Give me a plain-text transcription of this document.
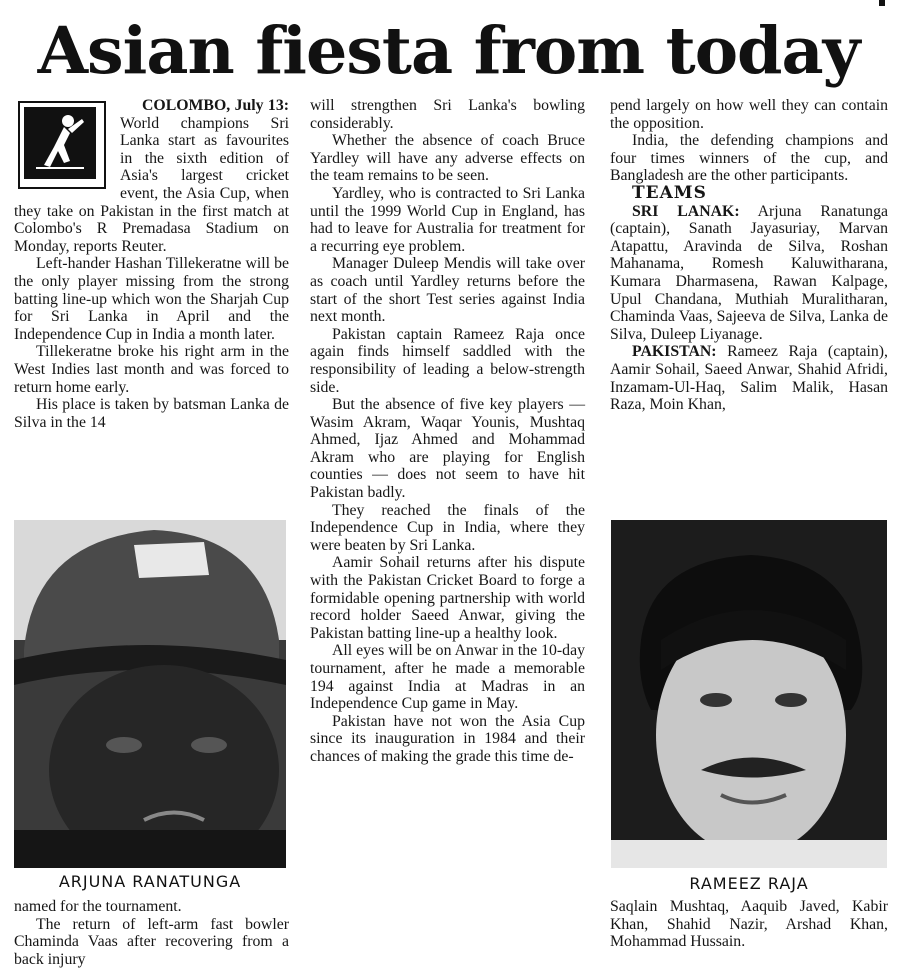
Asian fiesta from today

COLOMBO, July 13: World champions Sri Lanka start as favourites in the sixth edition of Asia's largest cricket event, the Asia Cup, when they take on Pakistan in the first match at Colombo's R Premadasa Stadium on Monday, reports Reuter.

Left-hander Hashan Tillekeratne will be the only player missing from the strong batting line-up which won the Sharjah Cup for Sri Lanka in April and the Independence Cup in India a month later.

Tillekeratne broke his right arm in the West Indies last month and was forced to return home early.

His place is taken by batsman Lanka de Silva in the 14

ARJUNA RANATUNGA

named for the tournament.

The return of left-arm fast bowler Chaminda Vaas after recovering from a back injury

will strengthen Sri Lanka's bowling considerably.

Whether the absence of coach Bruce Yardley will have any adverse effects on the team remains to be seen.

Yardley, who is contracted to Sri Lanka until the 1999 World Cup in England, has had to leave for Australia for treatment for a recurring eye problem.

Manager Duleep Mendis will take over as coach until Yardley returns before the start of the short Test series against India next month.

Pakistan captain Rameez Raja once again finds himself saddled with the responsibility of leading a below-strength side.

But the absence of five key players — Wasim Akram, Waqar Younis, Mushtaq Ahmed, Ijaz Ahmed and Mohammad Akram who are playing for English counties — does not seem to have hit Pakistan badly.

They reached the finals of the Independence Cup in India, where they were beaten by Sri Lanka.

Aamir Sohail returns after his dispute with the Pakistan Cricket Board to forge a formidable opening partnership with world record holder Saeed Anwar, giving the Pakistan batting line-up a healthy look.

All eyes will be on Anwar in the 10-day tournament, after he made a memorable 194 against India at Madras in an Independence Cup game in May.

Pakistan have not won the Asia Cup since its inauguration in 1984 and their chances of making the grade this time de-

pend largely on how well they can contain the opposition.

India, the defending champions and four times winners of the cup, and Bangladesh are the other participants.

TEAMS

SRI LANAK: Arjuna Ranatunga (captain), Sanath Jayasuriay, Marvan Atapattu, Aravinda de Silva, Roshan Mahanama, Romesh Kaluwitharana, Kumara Dharmasena, Rawan Kalpage, Upul Chandana, Muthiah Muralitharan, Chaminda Vaas, Sajeeva de Silva, Lanka de Silva, Duleep Liyanage.

PAKISTAN: Rameez Raja (captain), Aamir Sohail, Saeed Anwar, Shahid Afridi, Inzamam-Ul-Haq, Salim Malik, Hasan Raza, Moin Khan,

RAMEEZ RAJA

Saqlain Mushtaq, Aaquib Javed, Kabir Khan, Shahid Nazir, Arshad Khan, Mohammad Hussain.
